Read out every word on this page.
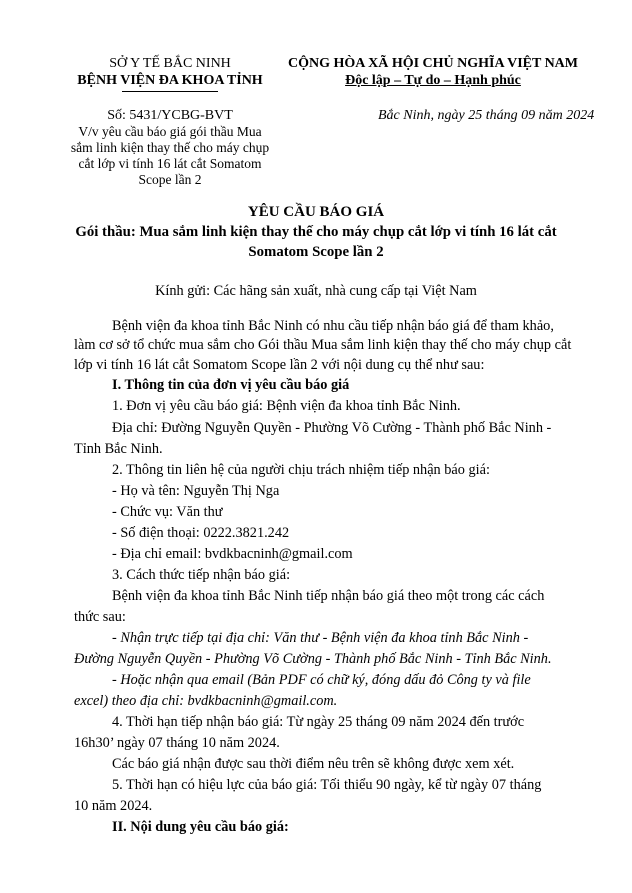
SỞ Y TẾ BẮC NINH
BỆNH VIỆN ĐA KHOA TỈNH
CỘNG HÒA XÃ HỘI CHỦ NGHĨA VIỆT NAM
Độc lập – Tự do – Hạnh phúc
Số: 5431/YCBG-BVT
V/v yêu cầu báo giá gói thầu Mua
sắm linh kiện thay thế cho máy chụp
cắt lớp vi tính 16 lát cắt Somatom
Scope lần 2
Bắc Ninh, ngày 25 tháng 09 năm 2024
YÊU CẦU BÁO GIÁ
Gói thầu: Mua sắm linh kiện thay thế cho máy chụp cắt lớp vi tính 16 lát cắt
Somatom Scope lần 2
Kính gửi: Các hãng sản xuất, nhà cung cấp tại Việt Nam
Bệnh viện đa khoa tỉnh Bắc Ninh có nhu cầu tiếp nhận báo giá để tham khảo,
làm cơ sở tổ chức mua sắm cho Gói thầu Mua sắm linh kiện thay thế cho máy chụp cắt
lớp vi tính 16 lát cắt Somatom Scope lần 2 với nội dung cụ thể như sau:
I. Thông tin của đơn vị yêu cầu báo giá
1. Đơn vị yêu cầu báo giá: Bệnh viện đa khoa tỉnh Bắc Ninh.
Địa chỉ: Đường Nguyễn Quyền - Phường Võ Cường - Thành phố Bắc Ninh -
Tỉnh Bắc Ninh.
2. Thông tin liên hệ của người chịu trách nhiệm tiếp nhận báo giá:
- Họ và tên: Nguyễn Thị Nga
- Chức vụ: Văn thư
- Số điện thoại: 0222.3821.242
- Địa chỉ email: bvdkbacninh@gmail.com
3. Cách thức tiếp nhận báo giá:
Bệnh viện đa khoa tỉnh Bắc Ninh tiếp nhận báo giá theo một trong các cách
thức sau:
- Nhận trực tiếp tại địa chỉ: Văn thư - Bệnh viện đa khoa tỉnh Bắc Ninh -
Đường Nguyễn Quyền - Phường Võ Cường - Thành phố Bắc Ninh - Tỉnh Bắc Ninh.
- Hoặc nhận qua email (Bản PDF có chữ ký, đóng dấu đỏ Công ty và file
excel) theo địa chỉ: bvdkbacninh@gmail.com.
4. Thời hạn tiếp nhận báo giá: Từ ngày 25 tháng 09 năm 2024 đến trước
16h30’ ngày 07 tháng 10 năm 2024.
Các báo giá nhận được sau thời điểm nêu trên sẽ không được xem xét.
5. Thời hạn có hiệu lực của báo giá: Tối thiểu 90 ngày, kể từ ngày 07 tháng
10 năm 2024.
II. Nội dung yêu cầu báo giá:
